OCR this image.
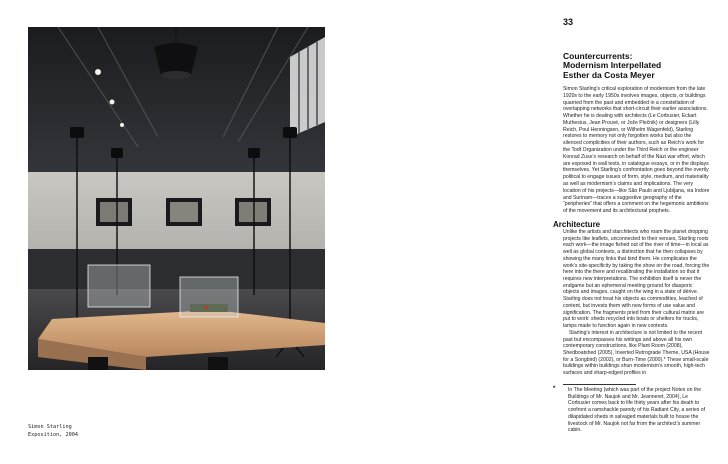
Simon Starling
Exposition, 2004
33
Countercurrents:
Modernism Interpellated
Esther da Costa Meyer
Simon Starling’s critical exploration of modernism from the late 1920s to the early 1950s involves images, objects, or buildings quarried from the past and embedded in a constellation of overlapping networks that short-circuit their earlier associations. Whether he is dealing with architects (Le Corbusier, Eckart Muthesius, Jean Prouvé, or Jože Plečnik) or designers (Lilly Reich, Poul Henningsen, or Wilhelm Wagenfeld), Starling restores to memory not only forgotten works but also the silenced complicities of their authors, such as Reich’s work for the Todt Organization under the Third Reich or the engineer Konrad Zuse’s research on behalf of the Nazi war effort, which are exposed in wall texts, in catalogue essays, or in the displays themselves. Yet Starling’s confrontation goes beyond the overtly political to engage issues of form, style, medium, and materiality as well as modernism’s claims and implications. The very location of his projects—like São Paulo and Ljubljana, via Indore and Surinam—traces a suggestive geography of the “peripheries” that offers a comment on the hegemonic ambitions of the movement and its architectural prophets.
Architecture

Unlike the artists and starchitects who roam the planet dropping projects like leaflets, unconnected to their venues, Starling roots each work—the image fished out of the river of time—in local as well as global contexts, a distinction that he then collapses by showing the many links that bind them. He complicates the work’s site-specificity by taking the show on the road, forcing the here into the there and recalibrating the installation so that it requires new interpretations. The exhibition itself is never the endgame but an ephemeral meeting ground for diasporic objects and images, caught on the wing in a state of dérive. Starling does not treat his objects as commodities, leached of content, but invests them with new forms of use value and signification. The fragments pried from their cultural matrix are put to work: sheds recycled into boats or shelters for trucks, lamps made to function again in new contexts.

Starling’s interest in architecture is not limited to the recent past but encompasses his writings and above all his own contemporary constructions, like Plant Room (2008), Shedboatshed (2005), Inverted Retrograde Theme, USA (House for a Songbird) (2002), or Burn-Time (2000).* These small-scale buildings within buildings shun modernism’s smooth, high-tech surfaces and sharp-edged profiles in

* In The Meeting (which was part of the project Notes on the Buildings of Mr. Naujok and Mr. Jeanneret, 2004), Le Corbusier comes back to life thirty years after his death to confront a ramshackle parody of his Radiant City, a series of dilapidated sheds in salvaged materials built to house the livestock of Mr. Naujok not far from the architect’s summer cabin.
